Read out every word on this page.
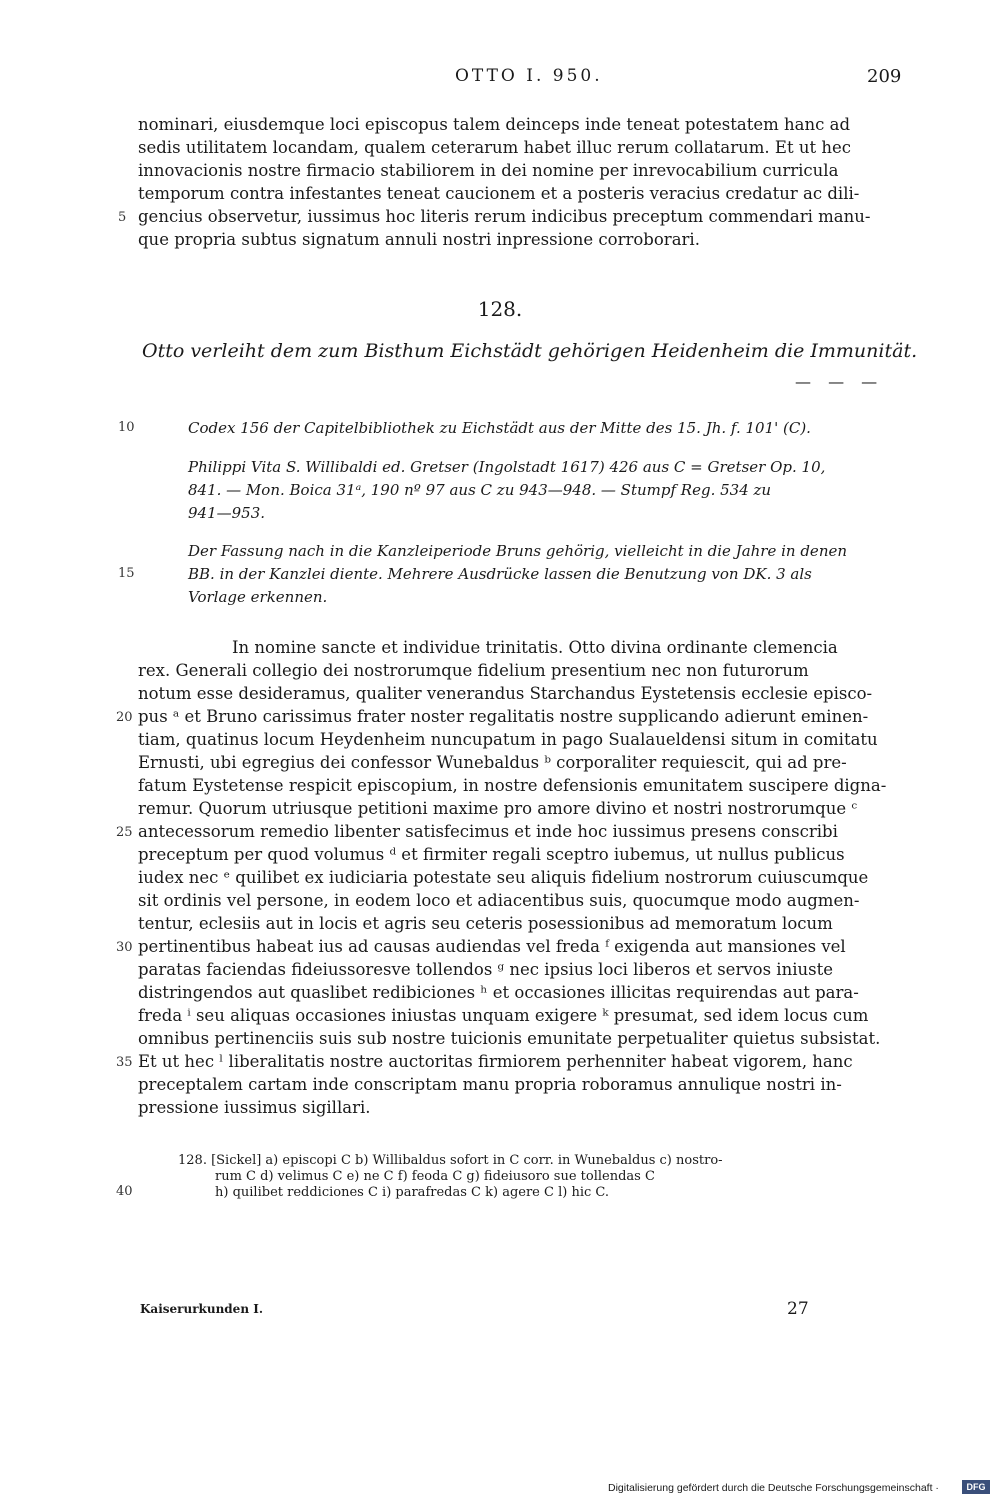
OTTO I. 950.	209
nominari, eiusdemque loci episcopus talem deinceps inde teneat potestatem hanc ad
sedis utilitatem locandam, qualem ceterarum habet illuc rerum collatarum. Et ut hec
innovacionis nostre firmacio stabiliorem in dei nomine per inrevocabilium curricula
temporum contra infestantes teneat caucionem et a posteris veracius credatur ac dili-
gencius observetur, iussimus hoc literis rerum indicibus preceptum commendari manu-
que propria subtus signatum annuli nostri inpressione corroborari.
5
128.
Otto verleiht dem zum Bisthum Eichstädt gehörigen Heidenheim die Immunität.
— — —
10	Codex 156 der Capitelbibliothek zu Eichstädt aus der Mitte des 15. Jh. f. 101' (C).
Philippi Vita S. Willibaldi ed. Gretser (Ingolstadt 1617) 426 aus C = Gretser Op. 10,
841. — Mon. Boica 31ᵃ, 190 nº 97 aus C zu 943—948. — Stumpf Reg. 534 zu
941—953.
Der Fassung nach in die Kanzleiperiode Bruns gehörig, vielleicht in die Jahre in denen
BB. in der Kanzlei diente. Mehrere Ausdrücke lassen die Benutzung von DK. 3 als
Vorlage erkennen.
15
In nomine sancte et individue trinitatis. Otto divina ordinante clemencia
rex. Generali collegio dei nostrorumque fidelium presentium nec non futurorum
notum esse desideramus, qualiter venerandus Starchandus Eystetensis ecclesie episco-
pus ᵃ et Bruno carissimus frater noster regalitatis nostre supplicando adierunt eminen-
tiam, quatinus locum Heydenheim nuncupatum in pago Sualaueldensi situm in comitatu
Ernusti, ubi egregius dei confessor Wunebaldus ᵇ corporaliter requiescit, qui ad pre-
fatum Eystetense respicit episcopium, in nostre defensionis emunitatem suscipere digna-
remur. Quorum utriusque petitioni maxime pro amore divino et nostri nostrorumque ᶜ
antecessorum remedio libenter satisfecimus et inde hoc iussimus presens conscribi
preceptum per quod volumus ᵈ et firmiter regali sceptro iubemus, ut nullus publicus
iudex nec ᵉ quilibet ex iudiciaria potestate seu aliquis fidelium nostrorum cuiuscumque
sit ordinis vel persone, in eodem loco et adiacentibus suis, quocumque modo augmen-
tentur, eclesiis aut in locis et agris seu ceteris posessionibus ad memoratum locum
pertinentibus habeat ius ad causas audiendas vel freda ᶠ exigenda aut mansiones vel
paratas faciendas fideiussoresve tollendos ᵍ nec ipsius loci liberos et servos iniuste
distringendos aut quaslibet redibiciones ʰ et occasiones illicitas requirendas aut para-
freda ⁱ seu aliquas occasiones iniustas unquam exigere ᵏ presumat, sed idem locus cum
omnibus pertinenciis suis sub nostre tuicionis emunitate perpetualiter quietus subsistat.
Et ut hec ˡ liberalitatis nostre auctoritas firmiorem perhenniter habeat vigorem, hanc
preceptalem cartam inde conscriptam manu propria roboramus annulique nostri in-
pressione iussimus sigillari.
20
25
30
35
128. [Sickel] a) episcopi C b) Willibaldus sofort in C corr. in Wunebaldus c) nostro-
rum C d) velimus C e) ne C f) feoda C g) fideiusoro sue tollendas C
h) quilibet reddiciones C i) parafredas C k) agere C l) hic C.
40
Kaiserurkunden I.	27
Digitalisierung gefördert durch die Deutsche Forschungsgemeinschaft ·	DFG
